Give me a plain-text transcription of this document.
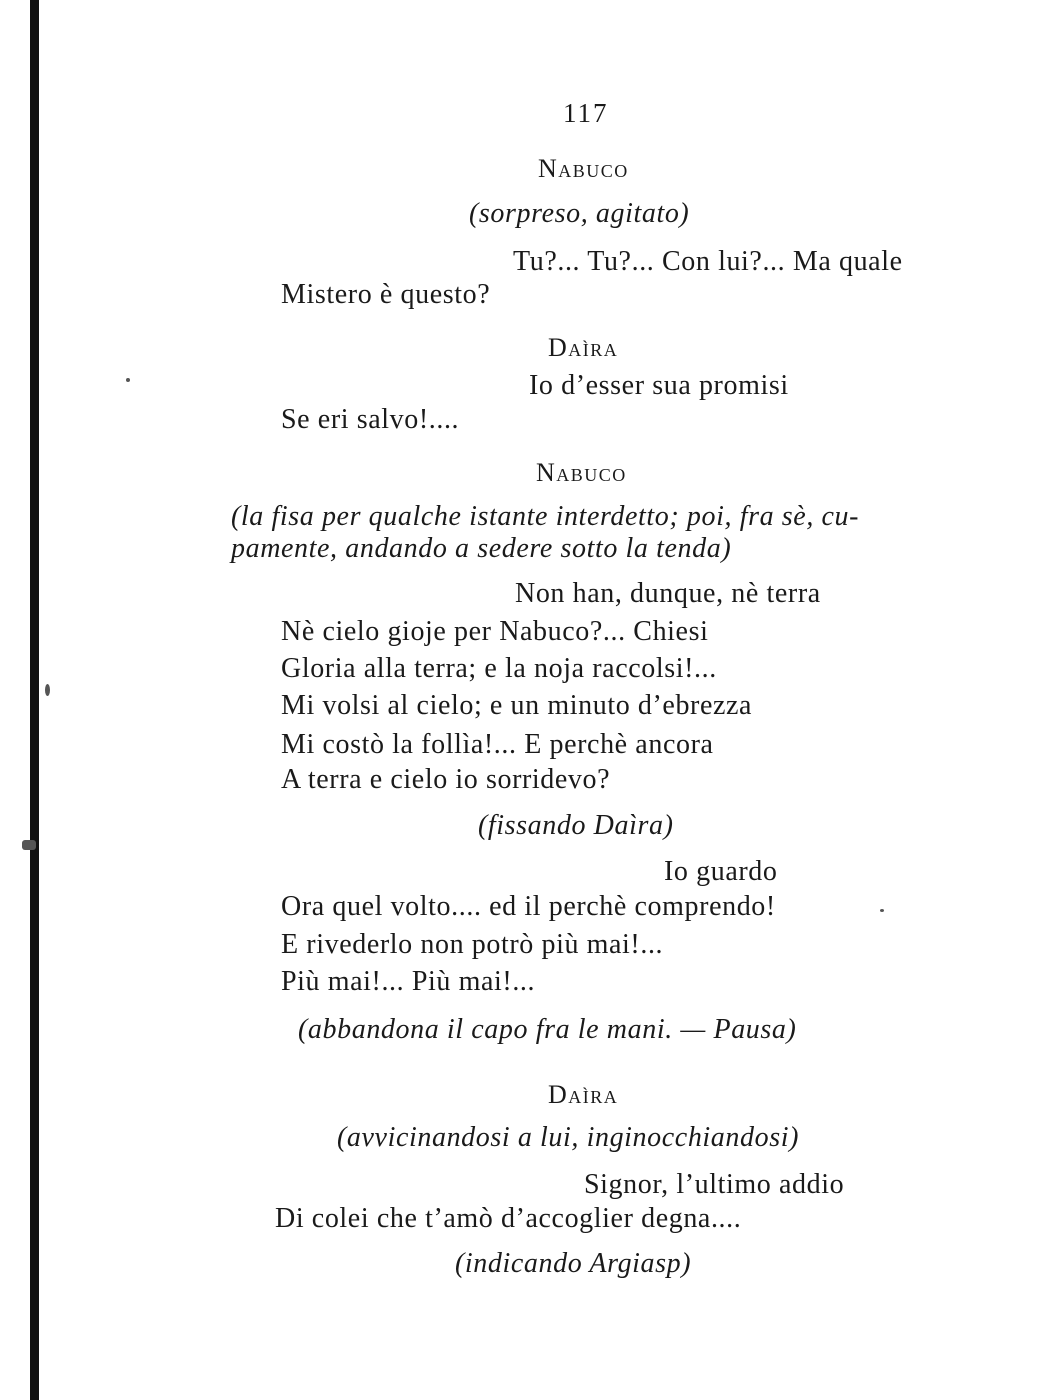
117
Nabuco
(sorpreso, agitato)
Tu?... Tu?... Con lui?... Ma quale
Mistero è questo?
Daìra
Io d’esser sua promisi
Se eri salvo!....
Nabuco
(la fisa per qualche istante interdetto; poi, fra sè, cu-
pamente, andando a sedere sotto la tenda)
Non han, dunque, nè terra
Nè cielo gioje per Nabuco?... Chiesi
Gloria alla terra; e la noja raccolsi!...
Mi volsi al cielo; e un minuto d’ebrezza
Mi costò la follìa!... E perchè ancora
A terra e cielo io sorridevo?
(fissando Daìra)
Io guardo
Ora quel volto.... ed il perchè comprendo!
E rivederlo non potrò più mai!...
Più mai!... Più mai!...
(abbandona il capo fra le mani. — Pausa)
Daìra
(avvicinandosi a lui, inginocchiandosi)
Signor, l’ultimo addio
Di colei che t’amò d’accoglier degna....
(indicando Argiasp)
